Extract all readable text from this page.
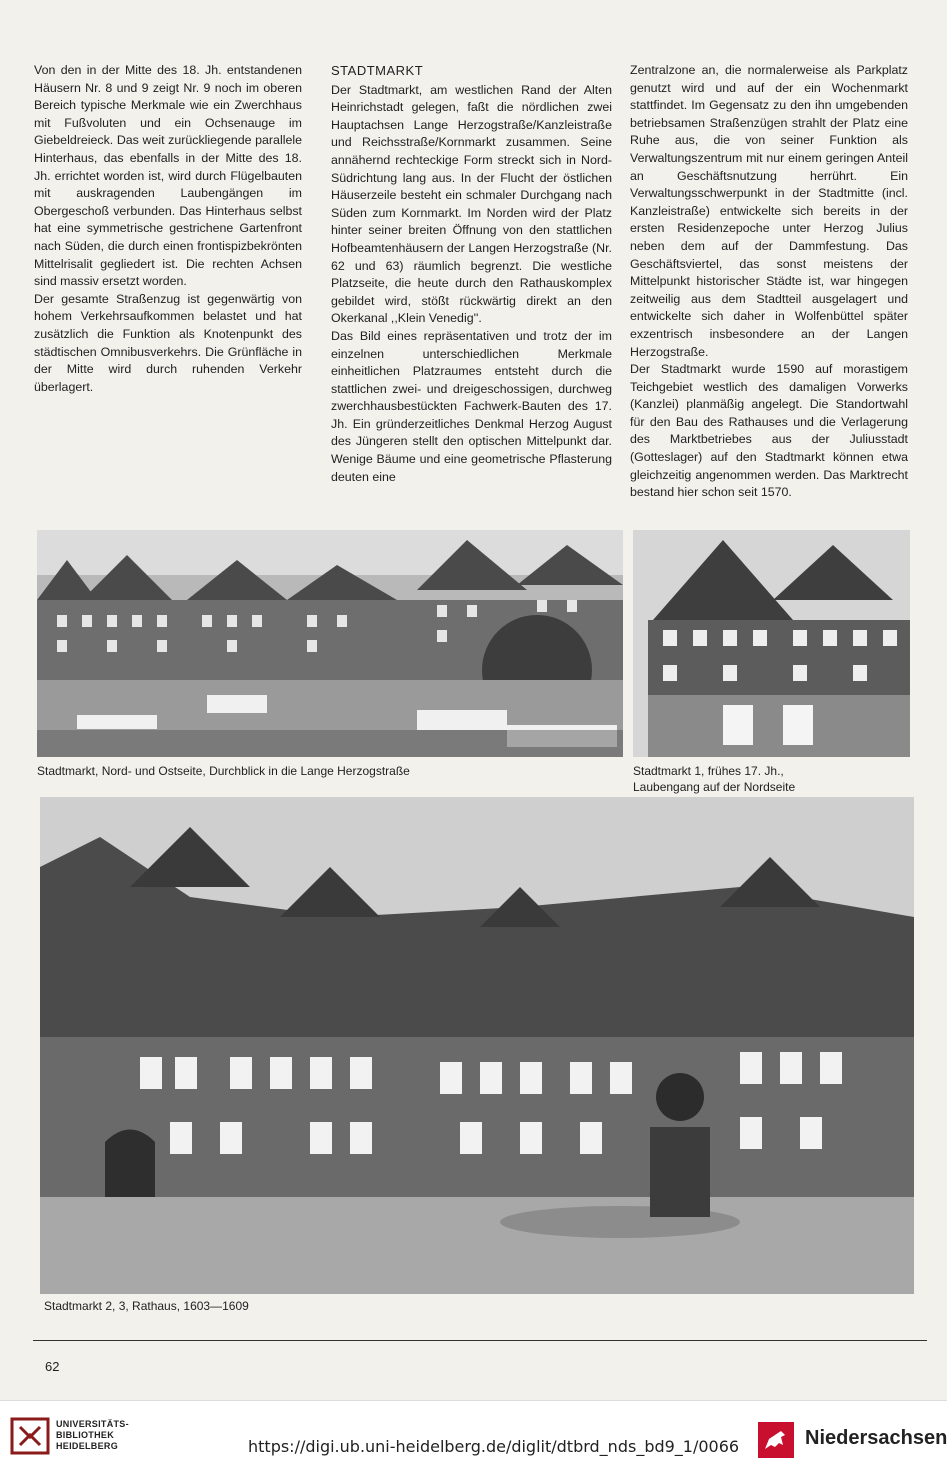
Von den in der Mitte des 18. Jh. entstandenen Häusern Nr. 8 und 9 zeigt Nr. 9 noch im oberen Bereich typische Merkmale wie ein Zwerchhaus mit Fußvoluten und ein Ochsenauge im Giebeldreieck. Das weit zurückliegende parallele Hinterhaus, das ebenfalls in der Mitte des 18. Jh. errichtet worden ist, wird durch Flügelbauten mit auskragenden Laubengängen im Obergeschoß verbunden. Das Hinterhaus selbst hat eine symmetrische gestrichene Gartenfront nach Süden, die durch einen frontispizbekrönten Mittelrisalit gegliedert ist. Die rechten Achsen sind massiv ersetzt worden.

Der gesamte Straßenzug ist gegenwärtig von hohem Verkehrsaufkommen belastet und hat zusätzlich die Funktion als Knotenpunkt des städtischen Omnibusverkehrs. Die Grünfläche in der Mitte wird durch ruhenden Verkehr überlagert.

STADTMARKT

Der Stadtmarkt, am westlichen Rand der Alten Heinrichstadt gelegen, faßt die nördlichen zwei Hauptachsen Lange Herzogstraße/Kanzleistraße und Reichsstraße/Kornmarkt zusammen. Seine annähernd rechteckige Form streckt sich in Nord-Südrichtung lang aus. In der Flucht der östlichen Häuserzeile besteht ein schmaler Durchgang nach Süden zum Kornmarkt. Im Norden wird der Platz hinter seiner breiten Öffnung von den stattlichen Hofbeamtenhäusern der Langen Herzogstraße (Nr. 62 und 63) räumlich begrenzt. Die westliche Platzseite, die heute durch den Rathauskomplex gebildet wird, stößt rückwärtig direkt an den Okerkanal ,,Klein Venedig''.

Das Bild eines repräsentativen und trotz der im einzelnen unterschiedlichen Merkmale einheitlichen Platzraumes entsteht durch die stattlichen zwei- und dreigeschossigen, durchweg zwerchhausbestückten Fachwerk-Bauten des 17. Jh. Ein gründerzeitliches Denkmal Herzog August des Jüngeren stellt den optischen Mittelpunkt dar. Wenige Bäume und eine geometrische Pflasterung deuten eine

Zentralzone an, die normalerweise als Parkplatz genutzt wird und auf der ein Wochenmarkt stattfindet. Im Gegensatz zu den ihn umgebenden betriebsamen Straßenzügen strahlt der Platz eine Ruhe aus, die von seiner Funktion als Verwaltungszentrum mit nur einem geringen Anteil an Geschäftsnutzung herrührt. Ein Verwaltungsschwerpunkt in der Stadtmitte (incl. Kanzleistraße) entwickelte sich bereits in der ersten Residenzepoche unter Herzog Julius neben dem auf der Dammfestung. Das Geschäftsviertel, das sonst meistens der Mittelpunkt historischer Städte ist, war hingegen zeitweilig aus dem Stadtteil ausgelagert und entwickelte sich daher in Wolfenbüttel später exzentrisch insbesondere an der Langen Herzogstraße.

Der Stadtmarkt wurde 1590 auf morastigem Teichgebiet westlich des damaligen Vorwerks (Kanzlei) planmäßig angelegt. Die Standortwahl für den Bau des Rathauses und die Verlagerung des Marktbetriebes aus der Juliusstadt (Gotteslager) auf den Stadtmarkt können etwa gleichzeitig angenommen werden. Das Marktrecht bestand hier schon seit 1570.

Stadtmarkt, Nord- und Ostseite, Durchblick in die Lange Herzogstraße	Stadtmarkt 1, frühes 17. Jh.,
Laubengang auf der Nordseite
Stadtmarkt 2, 3, Rathaus, 1603—1609
62
UNIVERSITÄTS-
BIBLIOTHEK
HEIDELBERG	https://digi.ub.uni-heidelberg.de/diglit/dtbrd_nds_bd9_1/0066	Niedersachsen
